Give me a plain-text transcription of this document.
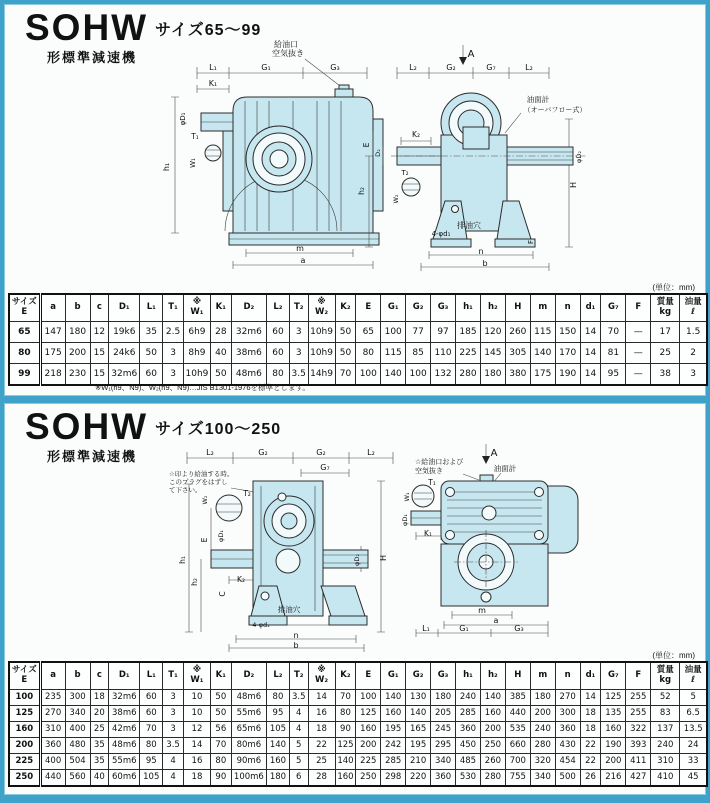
SOHW
形標準減速機
サイズ65〜99
給油口
空気抜き
L₁	G₁	G₃
K₁
φD₁
T₁
W₁
h₁
m
a
A
L₂	G₂	G₇	L₂
油面計
（オーバフロー式）
K₂
E
D₂
T₂
W₂
h₂
φD₂
H
排油穴
4-φd₁
F
n
b
(単位：mm)
サイズ
E	a	b	c	D₁	L₁	T₁	※
W₁	K₁	D₂	L₂	T₂	※
W₂	K₂	E	G₁	G₂	G₃	h₁	h₂	H	m	n	d₁	G₇	F	質量
kg	油量
ℓ
65	147	180	12	19k6	35	2.5	6h9	28	32m6	60	3	10h9	50	65	100	77	97	185	120	260	115	150	14	70	—	17	1.5
80	175	200	15	24k6	50	3	8h9	40	38m6	60	3	10h9	50	80	115	85	110	225	145	305	140	170	14	81	—	25	2
99	218	230	15	32m6	60	3	10h9	50	48m6	80	3.5	14h9	70	100	140	100	132	280	180	380	175	190	14	95	—	38	3
※W₁(h9、N9)、W₂(h9、N9)…JIS B1301-1976を標準とします。
SOHW
形標準減速機
サイズ100〜250
L₂	G₂	G₂	L₂
G₇
☆印より給油する時。
このプラグをはずし
て下さい。	T₂
W₂
E φD₁
h₁
h₂	K₂
C
φD₂ H
排油穴
4-φd₁
n
b
A
☆給油口および
空気抜き	油面計
T₁
W₁
φD₁
K₁
m
a
L₁	G₁	G₃
(単位：mm)
サイズ
E	a	b	c	D₁	L₁	T₁	※
W₁	K₁	D₂	L₂	T₂	※
W₂	K₂	E	G₁	G₂	G₃	h₁	h₂	H	m	n	d₁	G₇	F	質量
kg	油量
ℓ
100	235	300	18	32m6	60	3	10	50	48m6	80	3.5	14	70	100	140	130	180	240	140	385	180	270	14	125	255	52	5
125	270	340	20	38m6	60	3	10	50	55m6	95	4	16	80	125	160	140	205	285	160	440	200	300	18	135	255	83	6.5
160	310	400	25	42m6	70	3	12	56	65m6	105	4	18	90	160	195	165	245	360	200	535	240	360	18	160	322	137	13.5
200	360	480	35	48m6	80	3.5	14	70	80m6	140	5	22	125	200	242	195	295	450	250	660	280	430	22	190	393	240	24
225	400	504	35	55m6	95	4	16	80	90m6	160	5	25	140	225	285	210	340	485	260	700	320	454	22	200	411	310	33
250	440	560	40	60m6	105	4	18	90	100m6	180	6	28	160	250	298	220	360	530	280	755	340	500	26	216	427	410	45
